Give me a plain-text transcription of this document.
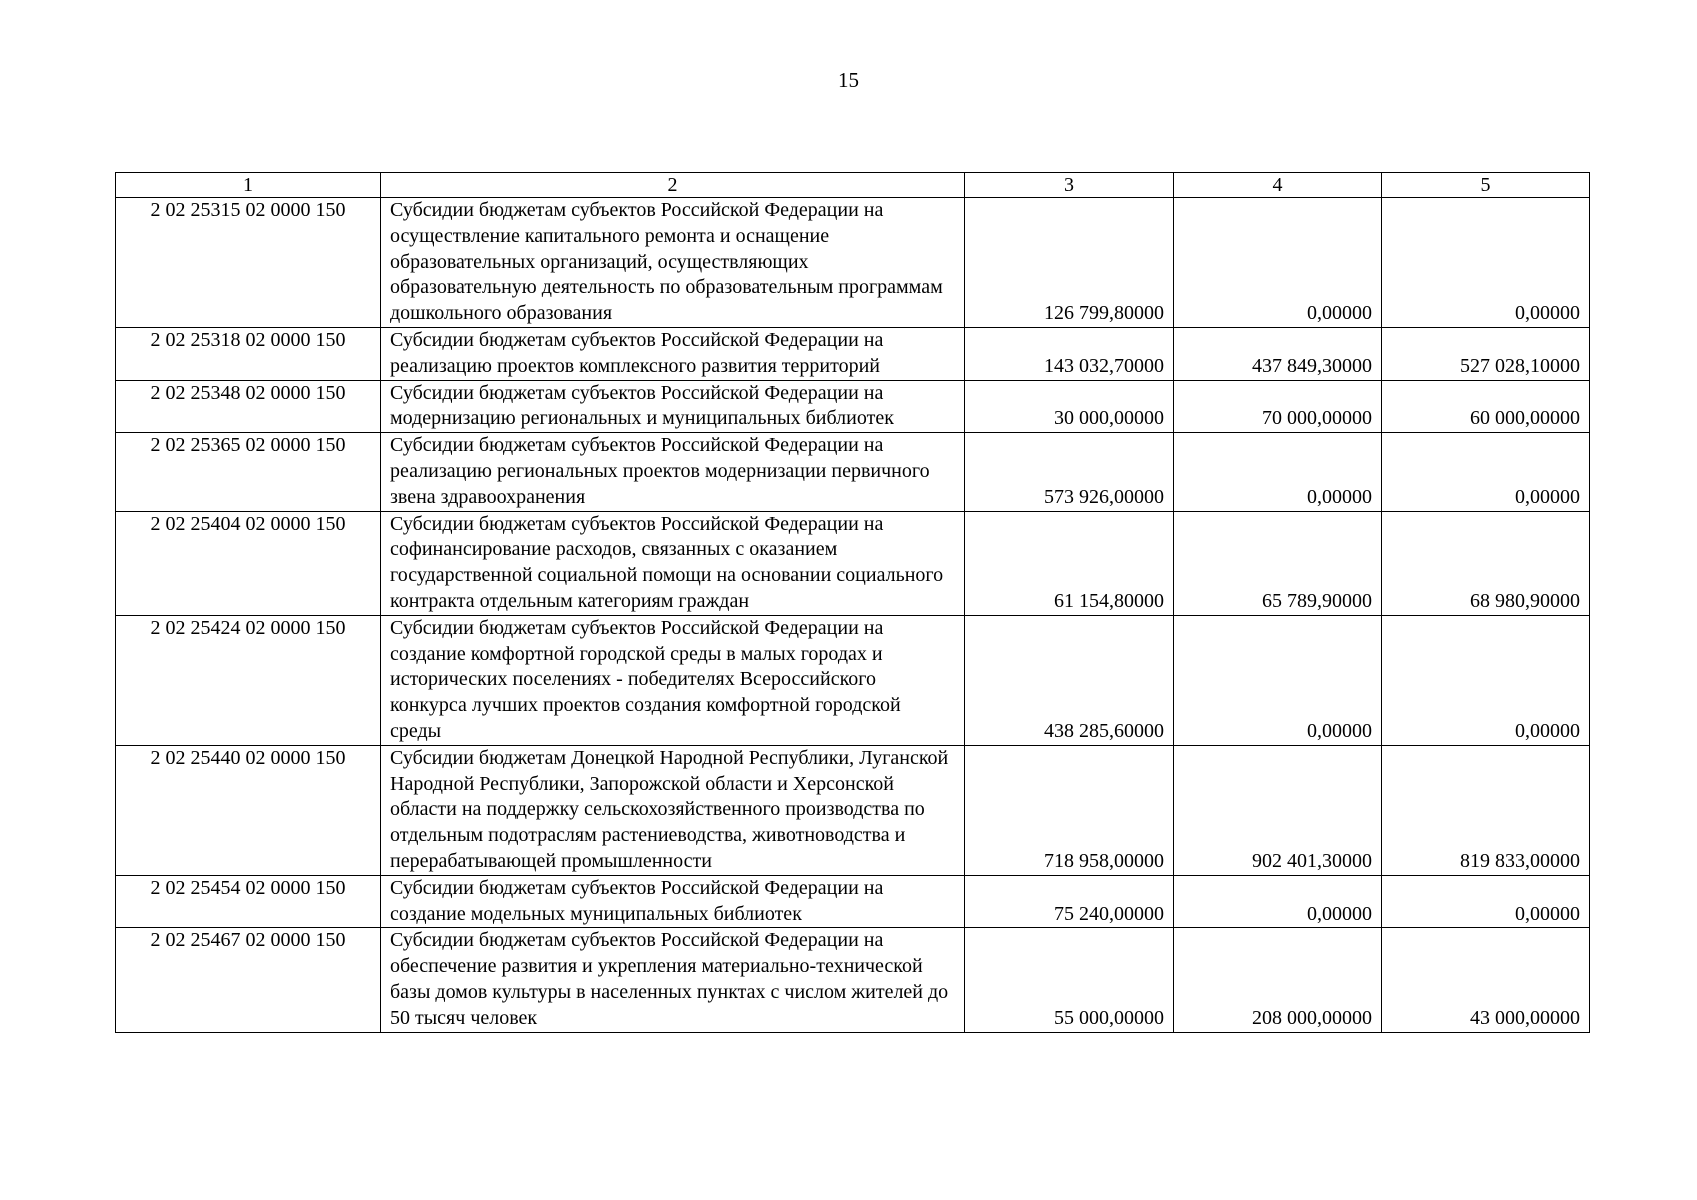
15
1	2	3	4	5
2 02 25315 02 0000 150	Субсидии бюджетам субъектов Российской Федерации на осуществление капитального ремонта и оснащение образовательных организаций, осуществляющих образовательную деятельность по образовательным программам дошкольного образования	126 799,80000	0,00000	0,00000
2 02 25318 02 0000 150	Субсидии бюджетам субъектов Российской Федерации на реализацию проектов комплексного развития территорий	143 032,70000	437 849,30000	527 028,10000
2 02 25348 02 0000 150	Субсидии бюджетам субъектов Российской Федерации на модернизацию региональных и муниципальных библиотек	30 000,00000	70 000,00000	60 000,00000
2 02 25365 02 0000 150	Субсидии бюджетам субъектов Российской Федерации на реализацию региональных проектов модернизации первичного звена здравоохранения	573 926,00000	0,00000	0,00000
2 02 25404 02 0000 150	Субсидии бюджетам субъектов Российской Федерации на софинансирование расходов, связанных с оказанием государственной социальной помощи на основании социального контракта отдельным категориям граждан	61 154,80000	65 789,90000	68 980,90000
2 02 25424 02 0000 150	Субсидии бюджетам субъектов Российской Федерации на создание комфортной городской среды в малых городах и исторических поселениях - победителях Всероссийского конкурса лучших проектов создания комфортной городской среды	438 285,60000	0,00000	0,00000
2 02 25440 02 0000 150	Субсидии бюджетам Донецкой Народной Республики, Луганской Народной Республики, Запорожской области и Херсонской области на поддержку сельскохозяйственного производства по отдельным подотраслям растениеводства, животноводства и перерабатывающей промышленности	718 958,00000	902 401,30000	819 833,00000
2 02 25454 02 0000 150	Субсидии бюджетам субъектов Российской Федерации на создание модельных муниципальных библиотек	75 240,00000	0,00000	0,00000
2 02 25467 02 0000 150	Субсидии бюджетам субъектов Российской Федерации на обеспечение развития и укрепления материально-технической базы домов культуры в населенных пунктах с числом жителей до 50 тысяч человек	55 000,00000	208 000,00000	43 000,00000
